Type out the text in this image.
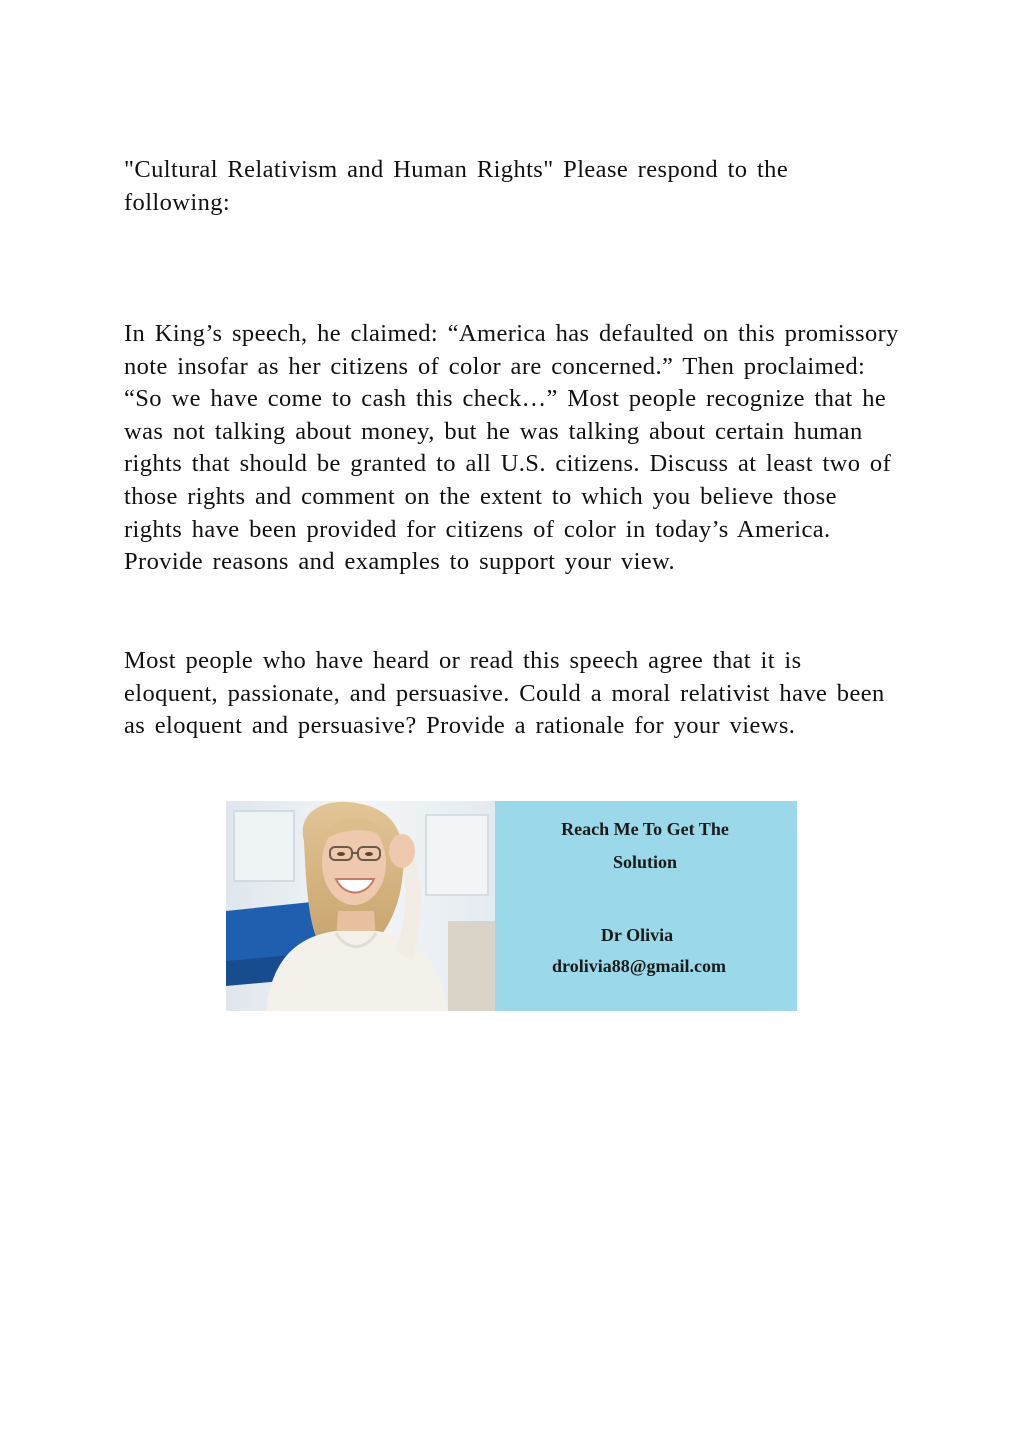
"Cultural Relativism and Human Rights" Please respond to the following:

In King’s speech, he claimed: “America has defaulted on this promissory note insofar as her citizens of color are concerned.” Then proclaimed: “So we have come to cash this check…” Most people recognize that he was not talking about money, but he was talking about certain human rights that should be granted to all U.S. citizens. Discuss at least two of those rights and comment on the extent to which you believe those rights have been provided for citizens of color in today’s America. Provide reasons and examples to support your view.

Most people who have heard or read this speech agree that it is eloquent, passionate, and persuasive. Could a moral relativist have been as eloquent and persuasive? Provide a rationale for your views.

Reach Me To Get The
Solution
Dr Olivia
drolivia88@gmail.com
